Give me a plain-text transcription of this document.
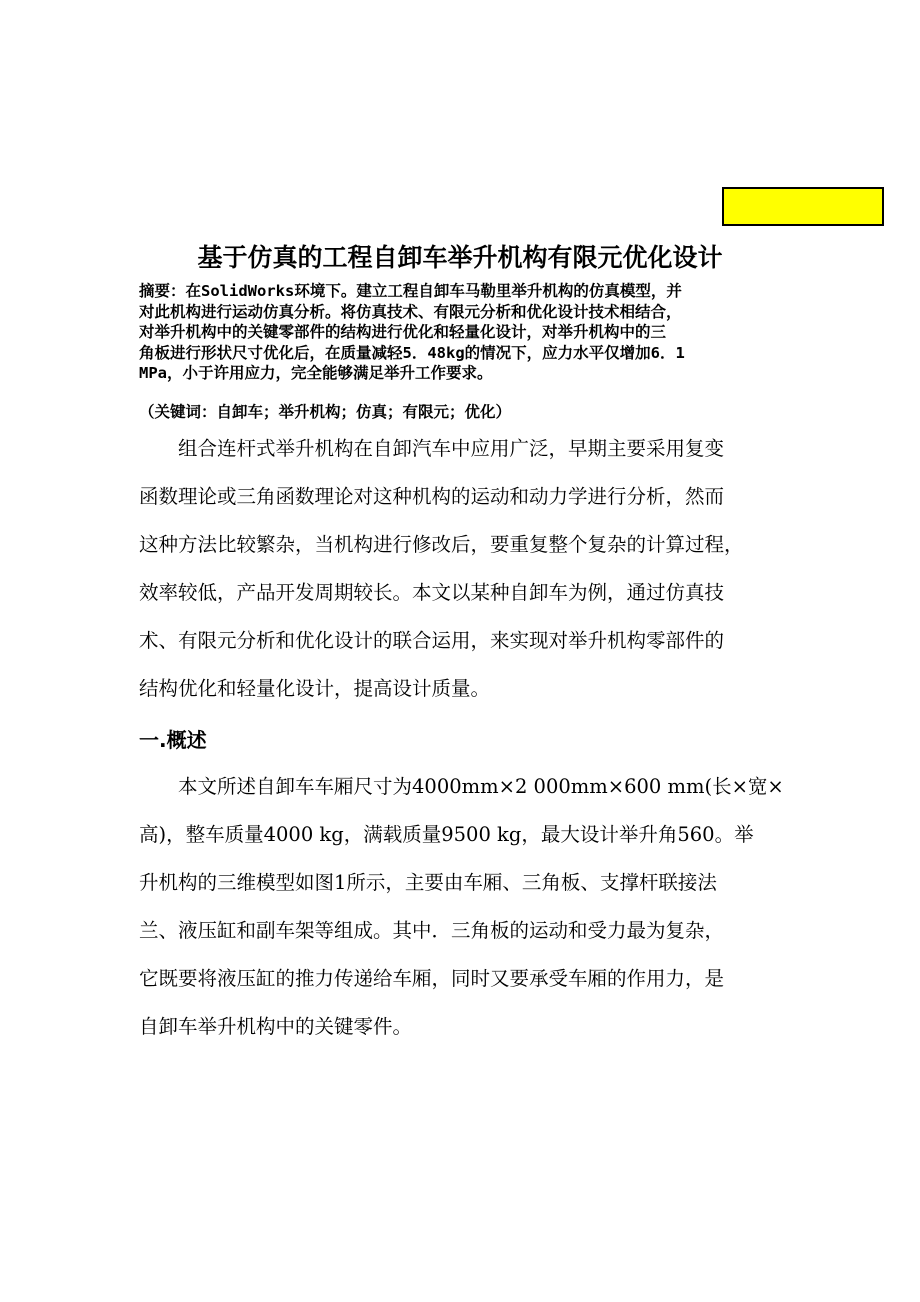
基于仿真的工程自卸车举升机构有限元优化设计

摘要：在SolidWorks环境下。建立工程自卸车马勒里举升机构的仿真模型，并

对此机构进行运动仿真分析。将仿真技术、有限元分析和优化设计技术相结合，

对举升机构中的关键零部件的结构进行优化和轻量化设计，对举升机构中的三

角板进行形状尺寸优化后，在质量减轻5．48kg的情况下，应力水平仅增加6．1

MPa，小于许用应力，完全能够满足举升工作要求。

（关键词：自卸车；举升机构；仿真；有限元；优化）

　　组合连杆式举升机构在自卸汽车中应用广泛，早期主要采用复变

函数理论或三角函数理论对这种机构的运动和动力学进行分析，然而

这种方法比较繁杂，当机构进行修改后，要重复整个复杂的计算过程，

效率较低，产品开发周期较长。本文以某种自卸车为例，通过仿真技

术、有限元分析和优化设计的联合运用，来实现对举升机构零部件的

结构优化和轻量化设计，提高设计质量。

一.概述

　　本文所述自卸车车厢尺寸为4000mm×2 000mm×600 mm(长×宽×

高)，整车质量4000 kg，满载质量9500 kg，最大设计举升角560。举

升机构的三维模型如图1所示，主要由车厢、三角板、支撑杆联接法

兰、液压缸和副车架等组成。其中．三角板的运动和受力最为复杂，

它既要将液压缸的推力传递给车厢，同时又要承受车厢的作用力，是

自卸车举升机构中的关键零件。
